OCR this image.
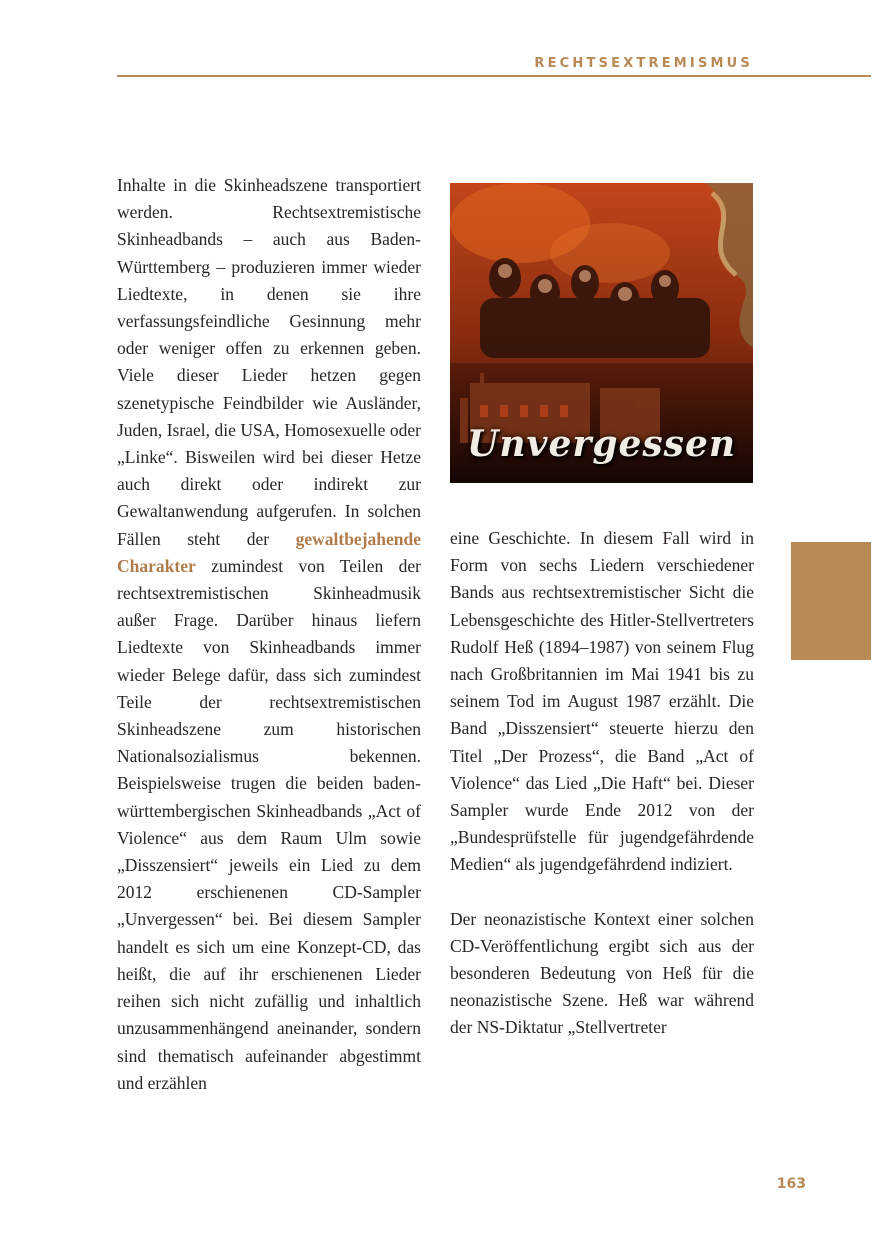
RECHTSEXTREMISMUS

Inhalte in die Skinheadszene transportiert werden. Rechtsextremistische Skinheadbands – auch aus Baden-Württemberg – produzieren immer wieder Liedtexte, in denen sie ihre verfassungsfeindliche Gesinnung mehr oder weniger offen zu erkennen geben. Viele dieser Lieder hetzen gegen szenetypische Feindbilder wie Ausländer, Juden, Israel, die USA, Homosexuelle oder „Linke“. Bisweilen wird bei dieser Hetze auch direkt oder indirekt zur Gewaltanwendung aufgerufen. In solchen Fällen steht der gewaltbejahende Charakter zumindest von Teilen der rechtsextremistischen Skinheadmusik außer Frage. Darüber hinaus liefern Liedtexte von Skinheadbands immer wieder Belege dafür, dass sich zumindest Teile der rechtsextremistischen Skinheadszene zum historischen Nationalsozialismus bekennen. Beispielsweise trugen die beiden baden-württembergischen Skinheadbands „Act of Violence“ aus dem Raum Ulm sowie „Disszensiert“ jeweils ein Lied zu dem 2012 erschienenen CD-Sampler „Unvergessen“ bei. Bei diesem Sampler handelt es sich um eine Konzept-CD, das heißt, die auf ihr erschienenen Lieder reihen sich nicht zufällig und inhaltlich unzusammenhängend aneinander, sondern sind thematisch aufeinander abgestimmt und erzählen

Unvergessen

eine Geschichte. In diesem Fall wird in Form von sechs Liedern verschiedener Bands aus rechtsextremistischer Sicht die Lebensgeschichte des Hitler-Stellvertreters Rudolf Heß (1894–1987) von seinem Flug nach Großbritannien im Mai 1941 bis zu seinem Tod im August 1987 erzählt. Die Band „Disszensiert“ steuerte hierzu den Titel „Der Prozess“, die Band „Act of Violence“ das Lied „Die Haft“ bei. Dieser Sampler wurde Ende 2012 von der „Bundesprüfstelle für jugendgefährdende Medien“ als jugendgefährdend indiziert.

Der neonazistische Kontext einer solchen CD-Veröffentlichung ergibt sich aus der besonderen Bedeutung von Heß für die neonazistische Szene. Heß war während der NS-Diktatur „Stellvertreter

163
